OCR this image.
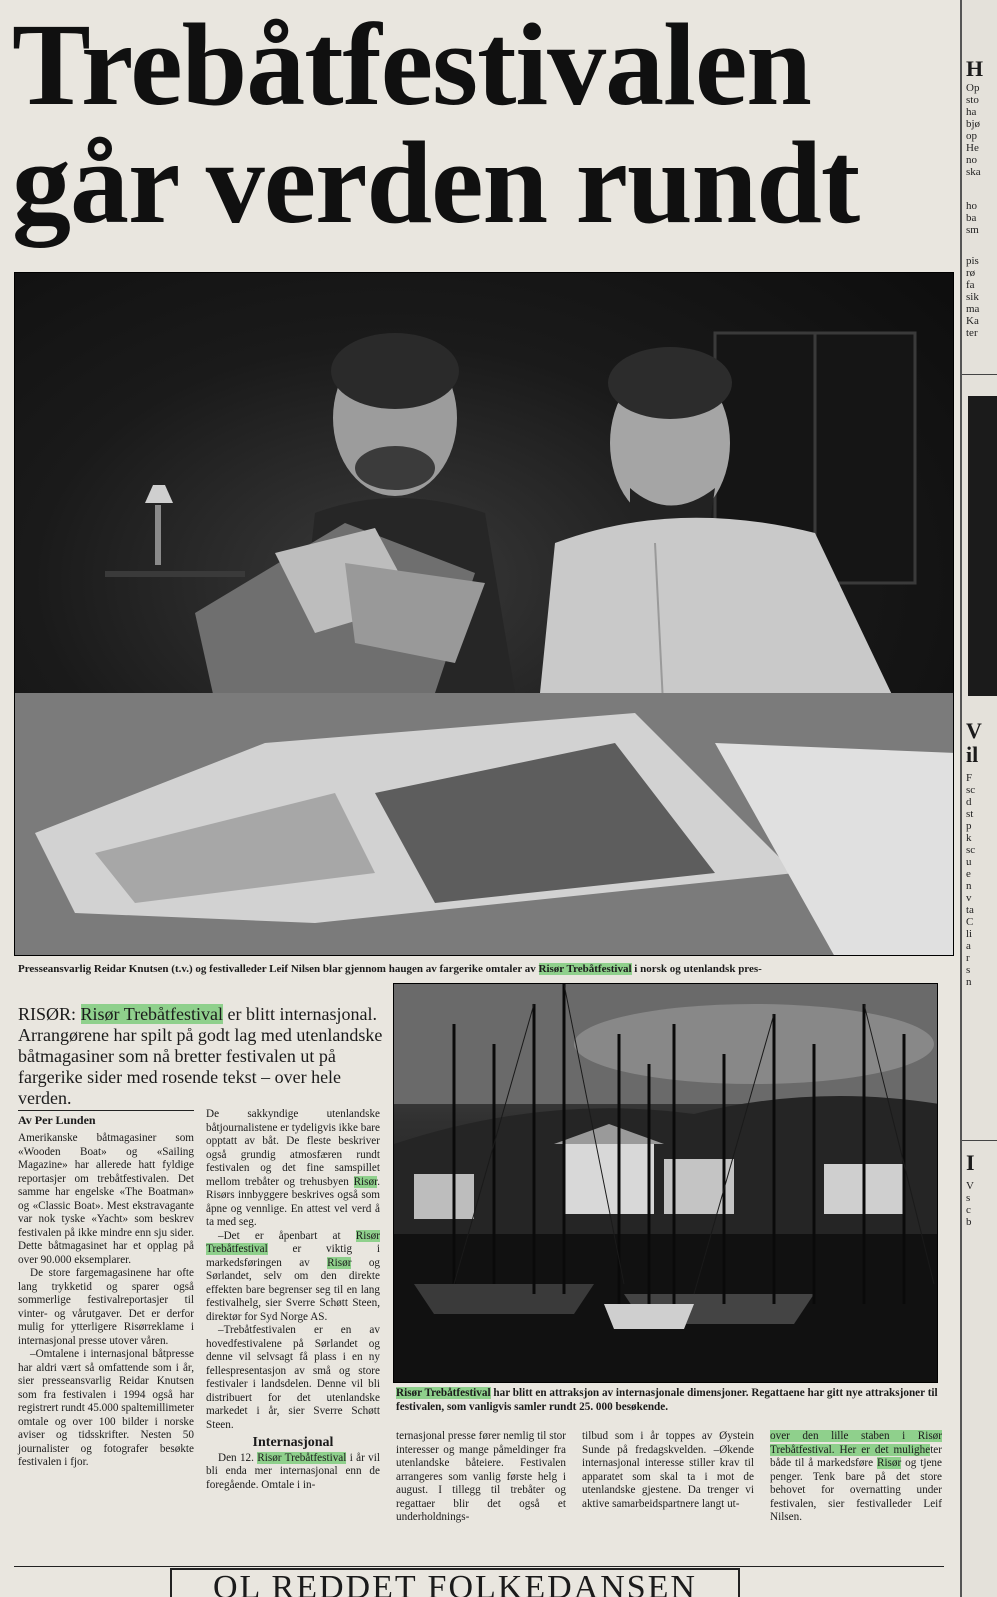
Trebåtfestivalen
går verden rundt
Presseansvarlig Reidar Knutsen (t.v.) og festivalleder Leif Nilsen blar gjennom haugen av fargerike omtaler av Risør Trebåtfestival i norsk og utenlandsk pres-
RISØR: Risør Trebåtfestival er blitt internasjonal. Arrangørene har spilt på godt lag med utenlandske båtmagasiner som nå bretter festivalen ut på fargerike sider med rosende tekst – over hele verden.
Av Per Lunden

Amerikanske båtmagasiner som «Wooden Boat» og «Sailing Magazine» har allerede hatt fyldige reportasjer om trebåtfestivalen. Det samme har engelske «The Boatman» og «Classic Boat». Mest ekstravagante var nok tyske «Yacht» som beskrev festivalen på ikke mindre enn sju sider. Dette båtmagasinet har et opplag på over 90.000 eksemplarer.

De store fargemagasinene har ofte lang trykketid og sparer også sommerlige festivalreportasjer til vinter- og vårutgaver. Det er derfor mulig for ytterligere Risørreklame i internasjonal presse utover våren.

–Omtalene i internasjonal båtpresse har aldri vært så omfattende som i år, sier presseansvarlig Reidar Knutsen som fra festivalen i 1994 også har registrert rundt 45.000 spaltemillimeter omtale og over 100 bilder i norske aviser og tidsskrifter. Nesten 50 journalister og fotografer besøkte festivalen i fjor.

De sakkyndige utenlandske båtjournalistene er tydeligvis ikke bare opptatt av båt. De fleste beskriver også grundig atmosfæren rundt festivalen og det fine samspillet mellom trebåter og trehusbyen Risør. Risørs innbyggere beskrives også som åpne og vennlige. En attest vel verd å ta med seg.

–Det er åpenbart at Risør Trebåtfestival er viktig i markedsføringen av Risør og Sørlandet, selv om den direkte effekten bare begrenser seg til en lang festivalhelg, sier Sverre Schøtt Steen, direktør for Syd Norge AS.

–Trebåtfestivalen er en av hovedfestivalene på Sørlandet og denne vil selvsagt få plass i en ny fellespresentasjon av små og store festivaler i landsdelen. Denne vil bli distribuert for det utenlandske markedet i år, sier Sverre Schøtt Steen.

Internasjonal

Den 12. Risør Trebåtfestival i år vil bli enda mer internasjonal enn de foregående. Omtale i in-

Risør Trebåtfestival har blitt en attraksjon av internasjonale dimensjoner. Regattaene har gitt nye attraksjoner til festivalen, som vanligvis samler rundt 25. 000 besøkende.
ternasjonal presse fører nemlig til stor interesser og mange påmeldinger fra utenlandske båteiere. Festivalen arrangeres som vanlig første helg i august. I tillegg til trebåter og regattaer blir det også et underholdnings-
tilbud som i år toppes av Øystein Sunde på fredagskvelden. –Økende internasjonal interesse stiller krav til apparatet som skal ta i mot de utenlandske gjestene. Da trenger vi aktive samarbeidspartnere langt ut-
over den lille staben i Risør Trebåtfestival. Her er det muligheter både til å markedsføre Risør og tjene penger. Tenk bare på det store behovet for overnatting under festivalen, sier festivalleder Leif Nilsen.
OL REDDET FOLKEDANSEN
H
V
il
I
Op
sto
ha
bjø
op
He
no
ska
ho
ba
sm
pis
rø
fa
sik
ma
Ka
ter
F
sc
d
st
p
k
sc
u
e
n
v
ta
C
li
a
r
s
n
V
s
c
b
